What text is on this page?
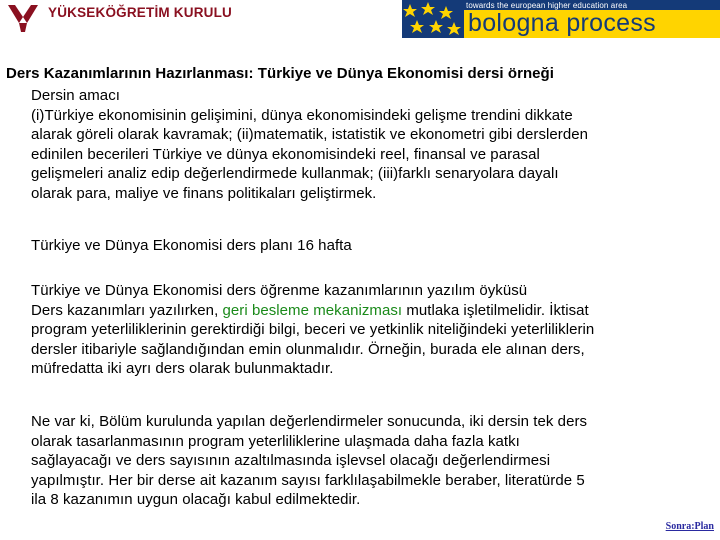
YÜKSEKÖĞRETİM KURULU	towards the european higher education area
bologna process
Ders Kazanımlarının Hazırlanması: Türkiye ve Dünya Ekonomisi dersi örneği

Dersin amacı

(i)Türkiye ekonomisinin gelişimini, dünya ekonomisindeki gelişme trendini dikkate

alarak göreli olarak kavramak; (ii)matematik, istatistik ve ekonometri gibi derslerden

edinilen becerileri Türkiye ve dünya ekonomisindeki reel, finansal ve parasal

gelişmeleri analiz edip değerlendirmede kullanmak; (iii)farklı senaryolara dayalı

olarak para, maliye ve finans politikaları geliştirmek.

Türkiye ve Dünya Ekonomisi ders planı 16 hafta

Türkiye ve Dünya Ekonomisi ders öğrenme kazanımlarının yazılım öyküsü

Ders kazanımları yazılırken, geri besleme mekanizması mutlaka işletilmelidir. İktisat

program yeterliliklerinin gerektirdiği bilgi, beceri ve yetkinlik niteliğindeki yeterliliklerin

dersler itibariyle sağlandığından emin olunmalıdır. Örneğin, burada ele alınan ders,

müfredatta iki ayrı ders olarak bulunmaktadır.

Ne var ki, Bölüm kurulunda yapılan değerlendirmeler sonucunda, iki dersin tek ders

olarak tasarlanmasının program yeterliliklerine ulaşmada daha fazla katkı

sağlayacağı ve ders sayısının azaltılmasında işlevsel olacağı değerlendirmesi

yapılmıştır. Her bir derse ait kazanım sayısı farklılaşabilmekle beraber, literatürde 5

ila 8 kazanımın uygun olacağı kabul edilmektedir.

Sonra:Plan
